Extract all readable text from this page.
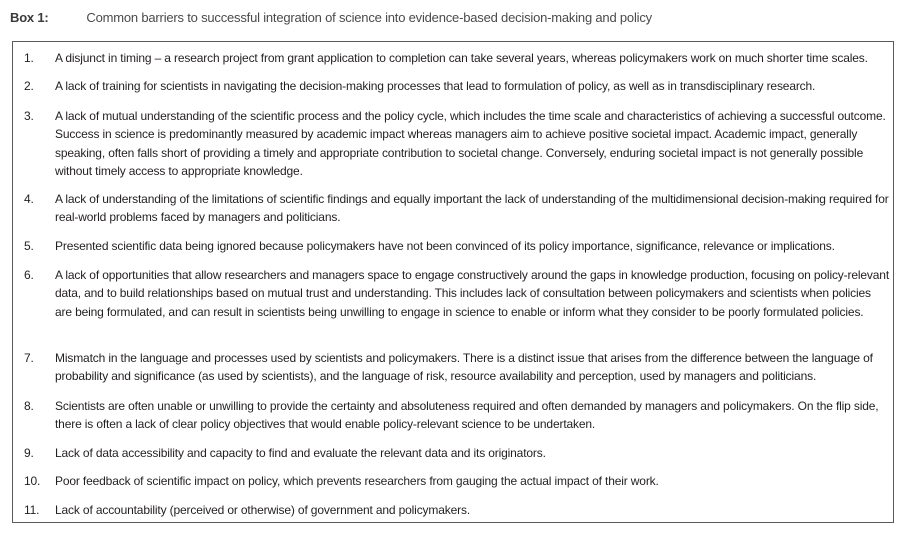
Box 1:	Common barriers to successful integration of science into evidence-based decision-making and policy
1. A disjunct in timing – a research project from grant application to completion can take several years, whereas policymakers work on much shorter time scales.
2. A lack of training for scientists in navigating the decision-making processes that lead to formulation of policy, as well as in transdisciplinary research.
3. A lack of mutual understanding of the scientific process and the policy cycle, which includes the time scale and characteristics of achieving a successful outcome. Success in science is predominantly measured by academic impact whereas managers aim to achieve positive societal impact. Academic impact, generally speaking, often falls short of providing a timely and appropriate contribution to societal change. Conversely, enduring societal impact is not generally possible without timely access to appropriate knowledge.
4. A lack of understanding of the limitations of scientific findings and equally important the lack of understanding of the multidimensional decision-making required for real-world problems faced by managers and politicians.
5. Presented scientific data being ignored because policymakers have not been convinced of its policy importance, significance, relevance or implications.
6. A lack of opportunities that allow researchers and managers space to engage constructively around the gaps in knowledge production, focusing on policy-relevant data, and to build relationships based on mutual trust and understanding. This includes lack of consultation between policymakers and scientists when policies are being formulated, and can result in scientists being unwilling to engage in science to enable or inform what they consider to be poorly formulated policies.
7. Mismatch in the language and processes used by scientists and policymakers. There is a distinct issue that arises from the difference between the language of probability and significance (as used by scientists), and the language of risk, resource availability and perception, used by managers and politicians.
8. Scientists are often unable or unwilling to provide the certainty and absoluteness required and often demanded by managers and policymakers. On the flip side, there is often a lack of clear policy objectives that would enable policy-relevant science to be undertaken.
9. Lack of data accessibility and capacity to find and evaluate the relevant data and its originators.
10. Poor feedback of scientific impact on policy, which prevents researchers from gauging the actual impact of their work.
11. Lack of accountability (perceived or otherwise) of government and policymakers.
